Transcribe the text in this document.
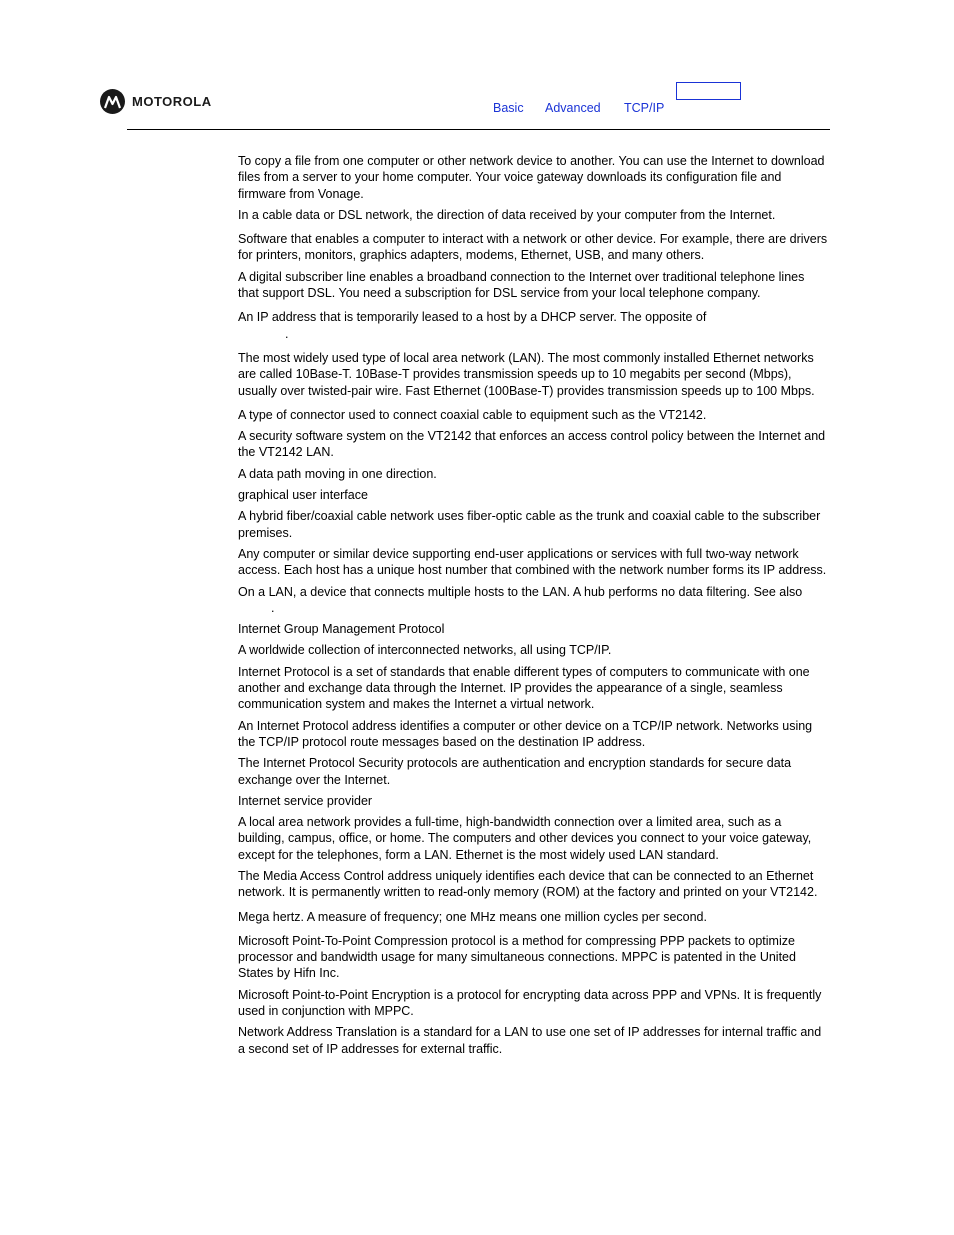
MOTOROLA	Basic Advanced TCP/IP

To copy a file from one computer or other network device to another. You can use the Internet to download files from a server to your home computer. Your voice gateway downloads its configuration file and firmware from Vonage.

In a cable data or DSL network, the direction of data received by your computer from the Internet.

Software that enables a computer to interact with a network or other device. For example, there are drivers for printers, monitors, graphics adapters, modems, Ethernet, USB, and many others.

A digital subscriber line enables a broadband connection to the Internet over traditional telephone lines that support DSL. You need a subscription for DSL service from your local telephone company.

An IP address that is temporarily leased to a host by a DHCP server. The opposite of
.

The most widely used type of local area network (LAN). The most commonly installed Ethernet networks are called 10Base-T. 10Base-T provides transmission speeds up to 10 megabits per second (Mbps), usually over twisted-pair wire. Fast Ethernet (100Base-T) provides transmission speeds up to 100 Mbps.

A type of connector used to connect coaxial cable to equipment such as the VT2142.

A security software system on the VT2142 that enforces an access control policy between the Internet and the VT2142 LAN.

A data path moving in one direction.

graphical user interface

A hybrid fiber/coaxial cable network uses fiber-optic cable as the trunk and coaxial cable to the subscriber premises.

Any computer or similar device supporting end-user applications or services with full two-way network access. Each host has a unique host number that combined with the network number forms its IP address.

On a LAN, a device that connects multiple hosts to the LAN. A hub performs no data filtering. See also .

Internet Group Management Protocol

A worldwide collection of interconnected networks, all using TCP/IP.

Internet Protocol is a set of standards that enable different types of computers to communicate with one another and exchange data through the Internet. IP provides the appearance of a single, seamless communication system and makes the Internet a virtual network.

An Internet Protocol address identifies a computer or other device on a TCP/IP network. Networks using the TCP/IP protocol route messages based on the destination IP address.

The Internet Protocol Security protocols are authentication and encryption standards for secure data exchange over the Internet.

Internet service provider

A local area network provides a full-time, high-bandwidth connection over a limited area, such as a building, campus, office, or home. The computers and other devices you connect to your voice gateway, except for the telephones, form a LAN. Ethernet is the most widely used LAN standard.

The Media Access Control address uniquely identifies each device that can be connected to an Ethernet network. It is permanently written to read-only memory (ROM) at the factory and printed on your VT2142.

Mega hertz. A measure of frequency; one MHz means one million cycles per second.

Microsoft Point-To-Point Compression protocol is a method for compressing PPP packets to optimize processor and bandwidth usage for many simultaneous connections. MPPC is patented in the United States by Hifn Inc.

Microsoft Point-to-Point Encryption is a protocol for encrypting data across PPP and VPNs. It is frequently used in conjunction with MPPC.

Network Address Translation is a standard for a LAN to use one set of IP addresses for internal traffic and a second set of IP addresses for external traffic.
